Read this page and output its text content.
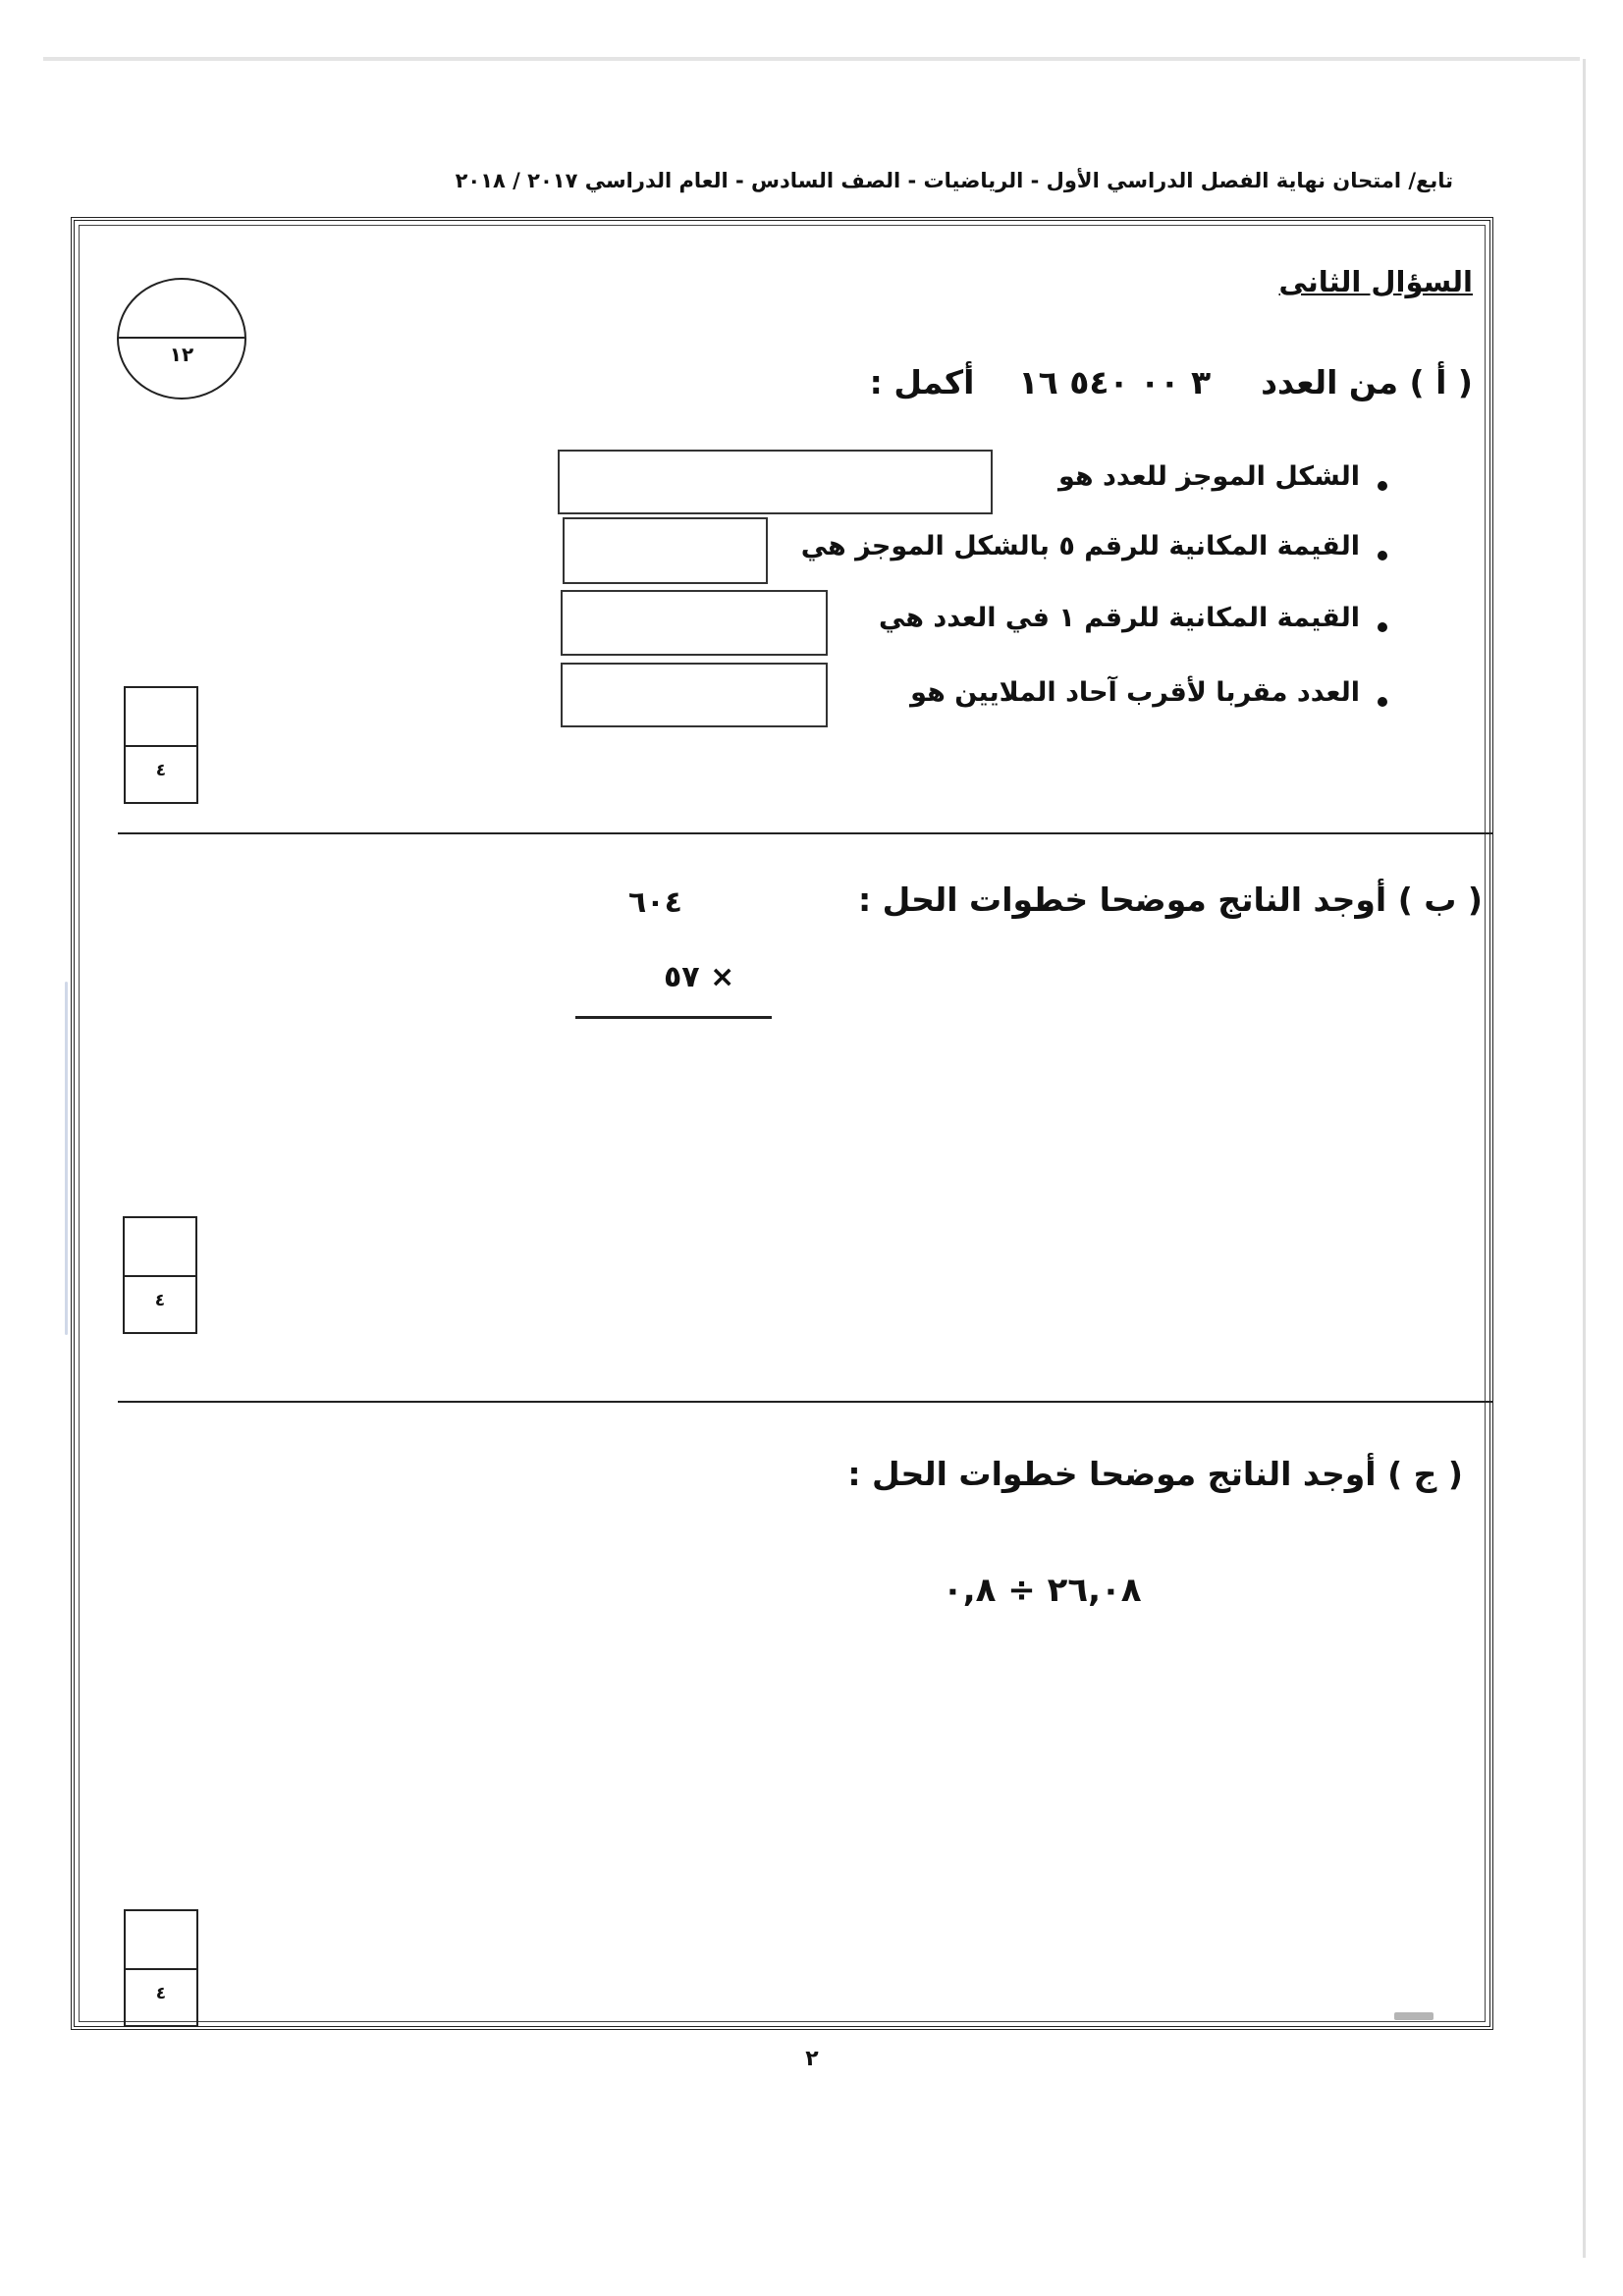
تابع/ امتحان نهاية الفصل الدراسي الأول - الرياضيات - الصف السادس - العام الدراسي ٢٠١٧ / ٢٠١٨
السؤال الثانى
١٢
( أ ) من العدد  ٣ ٠٠ ٥٤٠ ١٦  أكمل :
الشكل الموجز للعدد هو
القيمة المكانية للرقم ٥ بالشكل الموجز هي
القيمة المكانية للرقم ١ في العدد هي
العدد مقربا لأقرب آحاد الملايين هو
٤
( ب ) أوجد الناتج موضحا خطوات الحل :
٦٠٤
× ٥٧
٤
( ج ) أوجد الناتج موضحا خطوات الحل :
٢٦,٠٨ ÷ ٠,٨
٤
٢
